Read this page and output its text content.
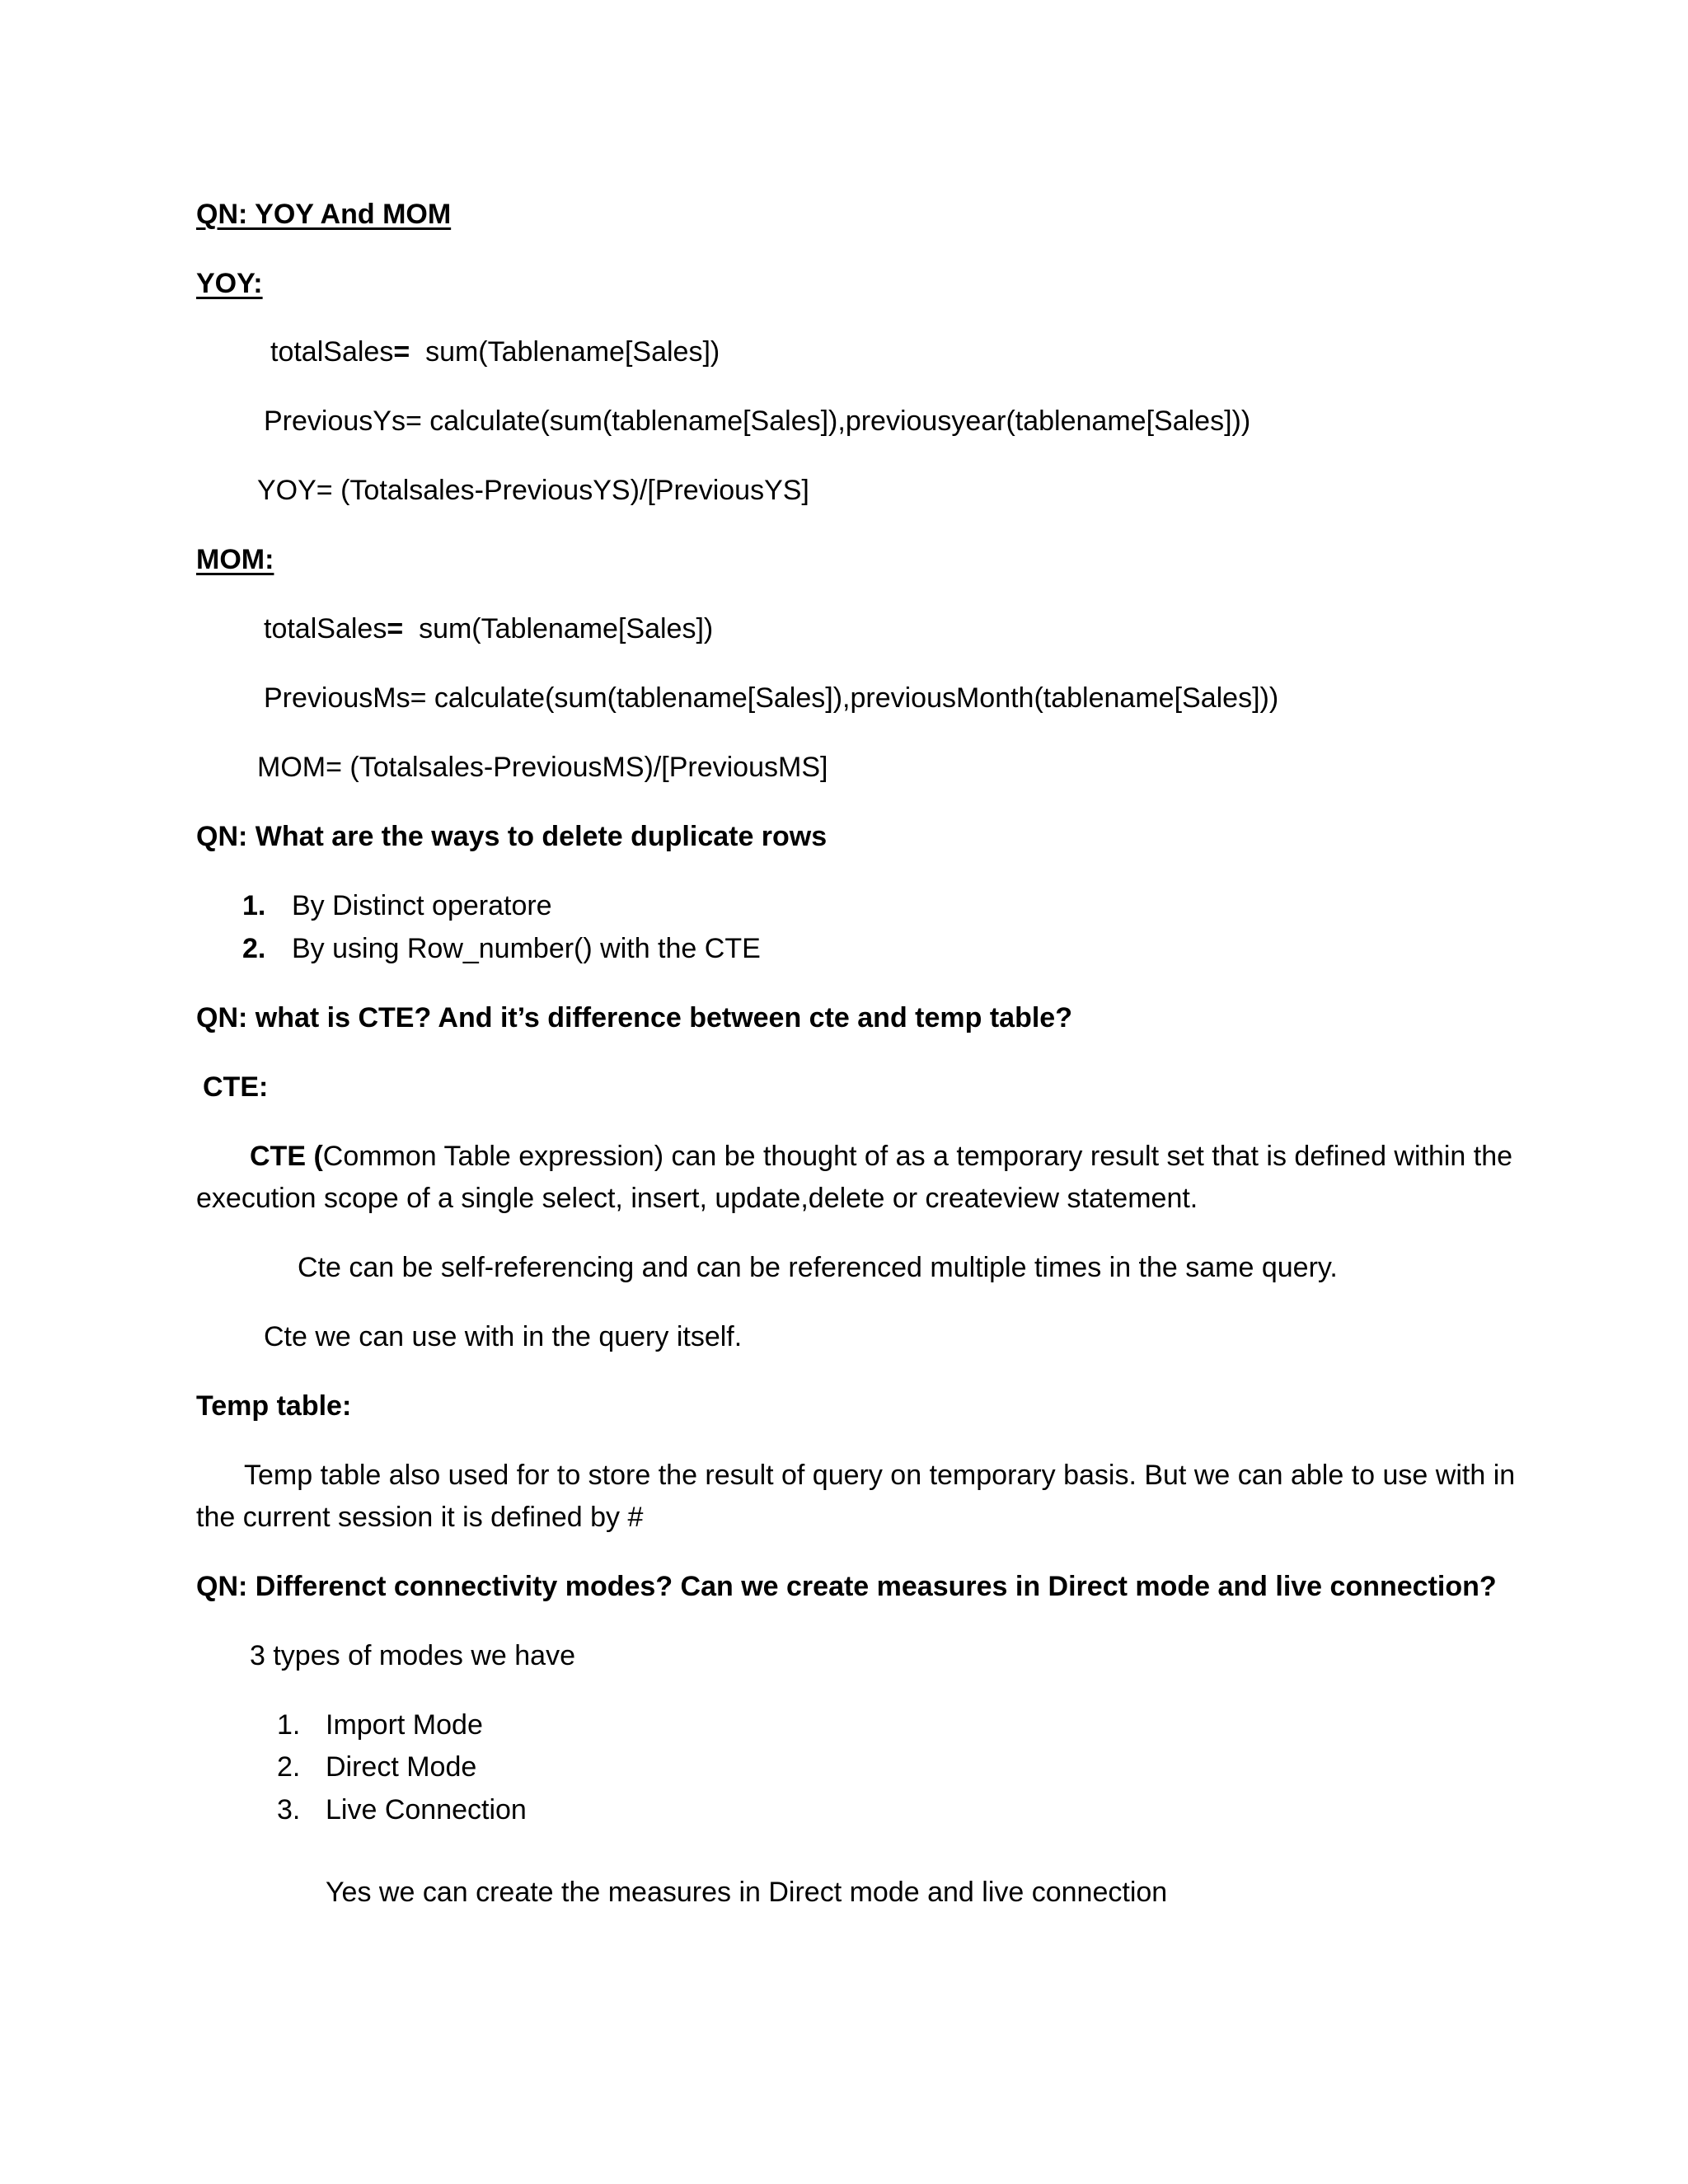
QN: YOY And MOM
YOY:
totalSales=  sum(Tablename[Sales])
PreviousYs= calculate(sum(tablename[Sales]),previousyear(tablename[Sales]))
YOY= (Totalsales-PreviousYS)/[PreviousYS]
MOM:
totalSales=  sum(Tablename[Sales])
PreviousMs= calculate(sum(tablename[Sales]),previousMonth(tablename[Sales]))
MOM= (Totalsales-PreviousMS)/[PreviousMS]
QN: What are the ways to delete duplicate rows
1. By Distinct operatore
2. By using Row_number() with the CTE
QN: what is CTE? And it’s difference between cte and temp table?
CTE:
CTE (Common Table expression) can be thought of as a temporary result set that is defined within the
execution scope of a single select, insert, update,delete or createview statement.
Cte can be self-referencing and can be referenced multiple times in the same query.
Cte we can use with in the query itself.
Temp table:
Temp table also used for to store the result of query on temporary basis. But we can able to use with in
the current session it is defined by #
QN: Differenct connectivity modes? Can we create measures in Direct mode and live connection?
3 types of modes we have
1. Import Mode
2. Direct Mode
3. Live Connection
Yes we can create the measures in Direct mode and live connection
